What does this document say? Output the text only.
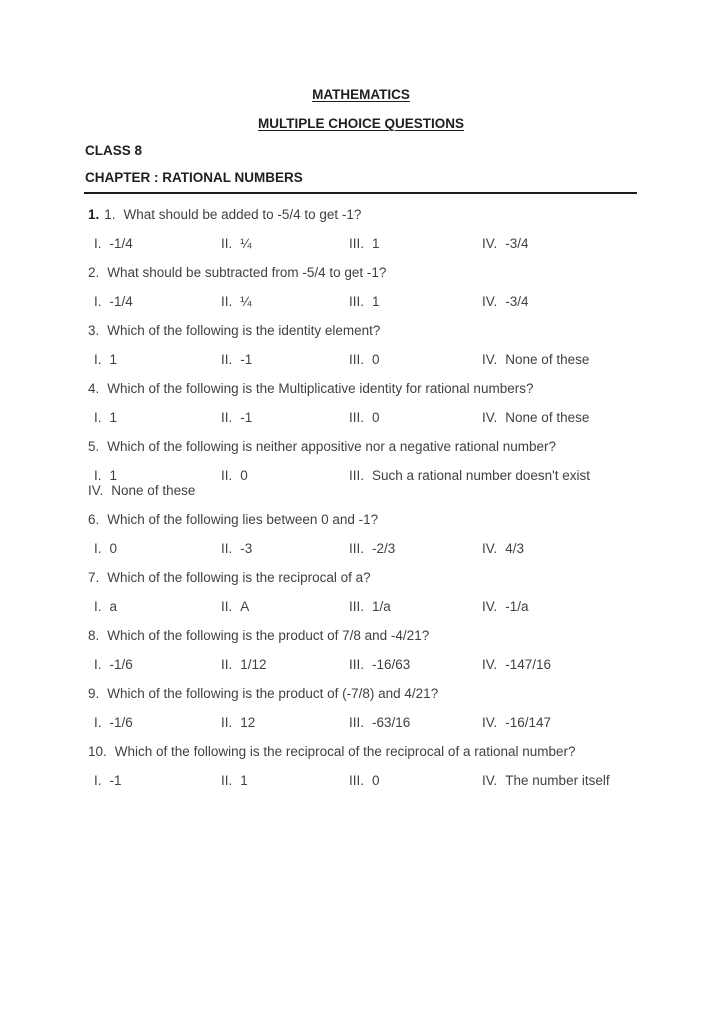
MATHEMATICS
MULTIPLE CHOICE QUESTIONS
CLASS 8
CHAPTER : RATIONAL NUMBERS
1. 1. What should be added to -5/4 to get -1?
I. -1/4	II. ¼	III. 1	IV. -3/4
2. What should be subtracted from -5/4 to get -1?
I. -1/4	II. ¼	III. 1	IV. -3/4
3. Which of the following is the identity element?
I. 1	II. -1	III. 0	IV. None of these
4. Which of the following is the Multiplicative identity for rational numbers?
I. 1	II. -1	III. 0	IV. None of these
5. Which of the following is neither appositive nor a negative rational number?
I. 1	II. 0	III. Such a rational number doesn't exist
IV. None of these
6. Which of the following lies between 0 and -1?
I. 0	II. -3	III. -2/3	IV. 4/3
7. Which of the following is the reciprocal of a?
I. a	II. A	III. 1/a	IV. -1/a
8. Which of the following is the product of 7/8 and -4/21?
I. -1/6	II. 1/12	III. -16/63	IV. -147/16
9. Which of the following is the product of (-7/8) and 4/21?
I. -1/6	II. 12	III. -63/16	IV. -16/147
10. Which of the following is the reciprocal of the reciprocal of a rational number?
I. -1	II. 1	III. 0	IV. The number itself
